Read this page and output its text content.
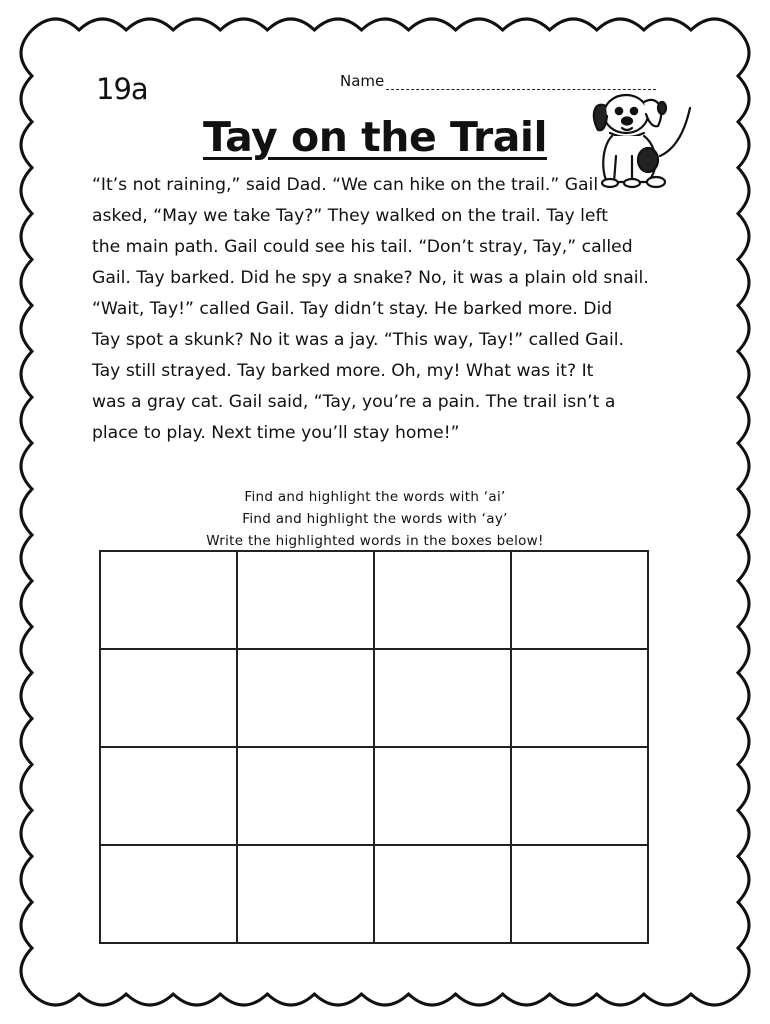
19a	Name
Tay on the Trail
“It’s not raining,” said Dad. “We can hike on the trail.” Gail
asked, “May we take Tay?” They walked on the trail. Tay left
the main path. Gail could see his tail. “Don’t stray, Tay,” called
Gail. Tay barked. Did he spy a snake? No, it was a plain old snail.
“Wait, Tay!” called Gail. Tay didn’t stay. He barked more. Did
Tay spot a skunk? No it was a jay. “This way, Tay!” called Gail.
Tay still strayed. Tay barked more. Oh, my! What was it? It
was a gray cat. Gail said, “Tay, you’re a pain. The trail isn’t a
place to play. Next time you’ll stay home!”
Find and highlight the words with ‘ai’
Find and highlight the words with ‘ay’
Write the highlighted words in the boxes below!
